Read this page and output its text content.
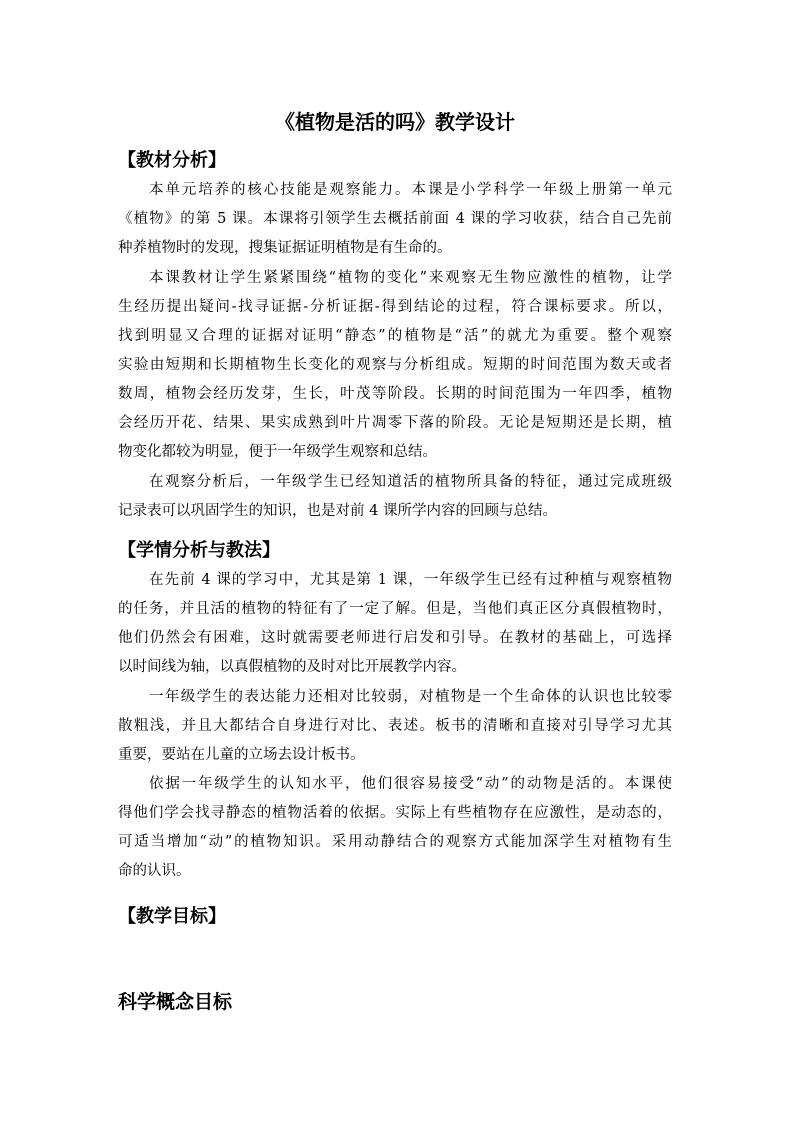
《植物是活的吗》教学设计
【教材分析】
本单元培养的核心技能是观察能力。本课是小学科学一年级上册第一单元
《植物》的第 5 课。本课将引领学生去概括前面 4 课的学习收获，结合自己先前
种养植物时的发现，搜集证据证明植物是有生命的。
本课教材让学生紧紧围绕“植物的变化”来观察无生物应激性的植物，让学
生经历提出疑问-找寻证据-分析证据-得到结论的过程，符合课标要求。所以，
找到明显又合理的证据对证明“静态”的植物是“活”的就尤为重要。整个观察
实验由短期和长期植物生长变化的观察与分析组成。短期的时间范围为数天或者
数周，植物会经历发芽，生长，叶茂等阶段。长期的时间范围为一年四季，植物
会经历开花、结果、果实成熟到叶片凋零下落的阶段。无论是短期还是长期，植
物变化都较为明显，便于一年级学生观察和总结。
在观察分析后，一年级学生已经知道活的植物所具备的特征，通过完成班级
记录表可以巩固学生的知识，也是对前 4 课所学内容的回顾与总结。
【学情分析与教法】
在先前 4 课的学习中，尤其是第 1 课，一年级学生已经有过种植与观察植物
的任务，并且活的植物的特征有了一定了解。但是，当他们真正区分真假植物时，
他们仍然会有困难，这时就需要老师进行启发和引导。在教材的基础上，可选择
以时间线为轴，以真假植物的及时对比开展教学内容。
一年级学生的表达能力还相对比较弱，对植物是一个生命体的认识也比较零
散粗浅，并且大都结合自身进行对比、表述。板书的清晰和直接对引导学习尤其
重要，要站在儿童的立场去设计板书。
依据一年级学生的认知水平，他们很容易接受“动”的动物是活的。本课使
得他们学会找寻静态的植物活着的依据。实际上有些植物存在应激性，是动态的，
可适当增加“动”的植物知识。采用动静结合的观察方式能加深学生对植物有生
命的认识。
【教学目标】
科学概念目标
